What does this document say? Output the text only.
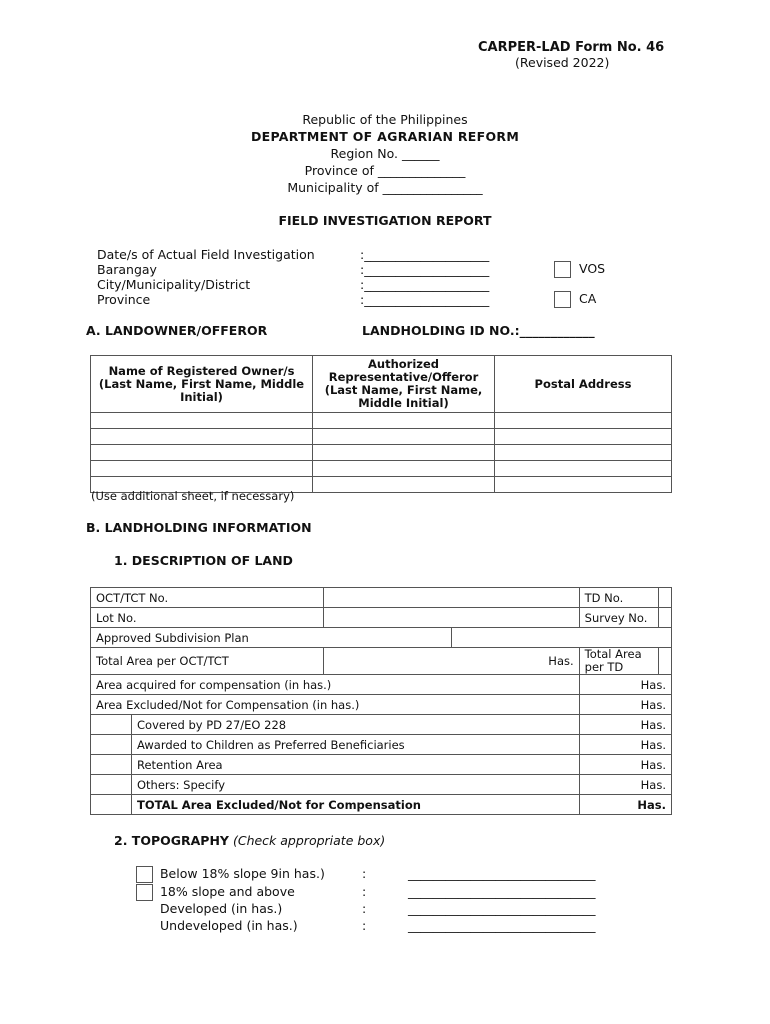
CARPER-LAD Form No. 46
(Revised 2022)
Republic of the Philippines
DEPARTMENT OF AGRARIAN REFORM
Region No. ______
Province of ______________
Municipality of ________________
FIELD INVESTIGATION REPORT
Date/s of Actual Field Investigation	:____________________
Barangay	:____________________
City/Municipality/District	:____________________
Province	:____________________
VOS
CA
A. LANDOWNER/OFFEROR	LANDHOLDING ID NO.:____________
Name of Registered Owner/s (Last Name, First Name, Middle Initial)	Authorized Representative/Offeror (Last Name, First Name, Middle Initial)	Postal Address

(Use additional sheet, if necessary)
B. LANDHOLDING INFORMATION
1. DESCRIPTION OF LAND
OCT/TCT No.				TD No.	
Lot No.				Survey No.	
Approved Subdivision Plan					
Total Area per OCT/TCT		Has.		Total Area per TD	
Area acquired for compensation (in has.)				Has.	
Area Excluded/Not for Compensation (in has.)				Has.	
	Covered by PD 27/EO 228			Has.	
	Awarded to Children as Preferred Beneficiaries			Has.	
	Retention Area			Has.	
	Others: Specify			Has.	
	TOTAL Area Excluded/Not for Compensation			Has.	
2. TOPOGRAPHY (Check appropriate box)
Below 18% slope 9in has.)	:	______________________________
18% slope and above	:	______________________________
Developed (in has.)	:	______________________________
Undeveloped (in has.)	:	______________________________
